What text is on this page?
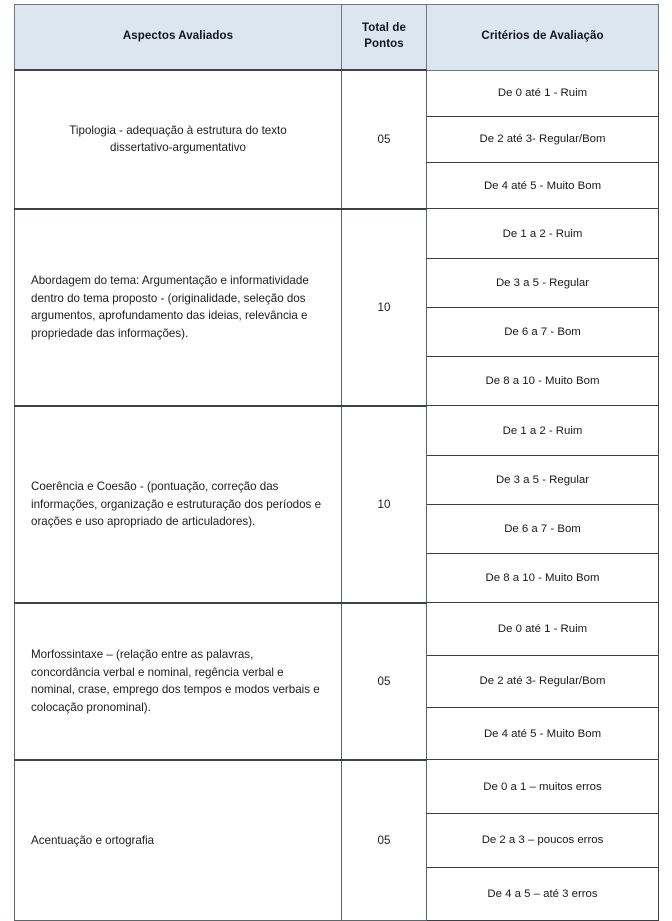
Aspectos Avaliados	Total de
Pontos	Critérios de Avaliação

Tipologia - adequação à estrutura do texto
dissertativo-argumentativo	05	De 0 até 1 - Ruim
		De 2 até 3- Regular/Bom
		De 4 até 5 - Muito Bom

Abordagem do tema: Argumentação e informatividade
dentro do tema proposto - (originalidade, seleção dos
argumentos, aprofundamento das ideias, relevância e
propriedade das informações).	10	De 1 a 2 - Ruim
		De 3 a 5 - Regular
		De 6 a 7 - Bom
		De 8 a 10 - Muito Bom

Coerência e Coesão - (pontuação, correção das
informações, organização e estruturação dos períodos e
orações e uso apropriado de articuladores).	10	De 1 a 2 - Ruim
		De 3 a 5 - Regular
		De 6 a 7 - Bom
		De 8 a 10 - Muito Bom

Morfossintaxe – (relação entre as palavras,
concordância verbal e nominal, regência verbal e
nominal, crase, emprego dos tempos e modos verbais e
colocação pronominal).	05	De 0 até 1 - Ruim
		De 2 até 3- Regular/Bom
		De 4 até 5 - Muito Bom

Acentuação e ortografia	05	De 0 a 1 – muitos erros
		De 2 a 3 – poucos erros
		De 4 a 5 – até 3 erros
